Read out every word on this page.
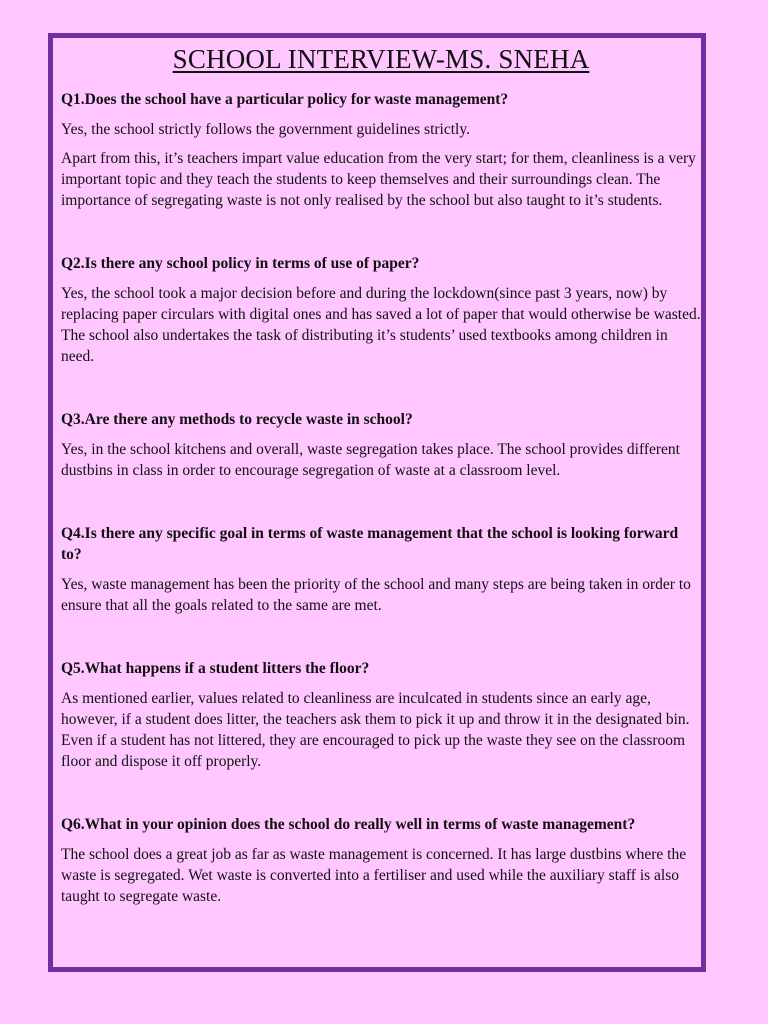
SCHOOL INTERVIEW-MS. SNEHA

Q1.Does the school have a particular policy for waste management?

Yes, the school strictly follows the government guidelines strictly.

Apart from this, it’s teachers impart value education from the very start; for them, cleanliness is a very important topic and they teach the students to keep themselves and their surroundings clean. The importance of segregating waste is not only realised by the school but also taught to it’s students.

Q2.Is there any school policy in terms of use of paper?

Yes, the school took a major decision before and during the lockdown(since past 3 years, now) by replacing paper circulars with digital ones and has saved a lot of paper that would otherwise be wasted. The school also undertakes the task of distributing it’s students’ used textbooks among children in need.

Q3.Are there any methods to recycle waste in school?

Yes, in the school kitchens and overall, waste segregation takes place. The school provides different dustbins in class in order to encourage segregation of waste at a classroom level.

Q4.Is there any specific goal in terms of waste management that the school is looking forward to?

Yes, waste management has been the priority of the school and many steps are being taken in order to ensure that all the goals related to the same are met.

Q5.What happens if a student litters the floor?

As mentioned earlier, values related to cleanliness are inculcated in students since an early age, however, if a student does litter, the teachers ask them to pick it up and throw it in the designated bin. Even if a student has not littered, they are encouraged to pick up the waste they see on the classroom floor and dispose it off properly.

Q6.What in your opinion does the school do really well in terms of waste management?

The school does a great job as far as waste management is concerned. It has large dustbins where the waste is segregated. Wet waste is converted into a fertiliser and used while the auxiliary staff is also taught to segregate waste.
